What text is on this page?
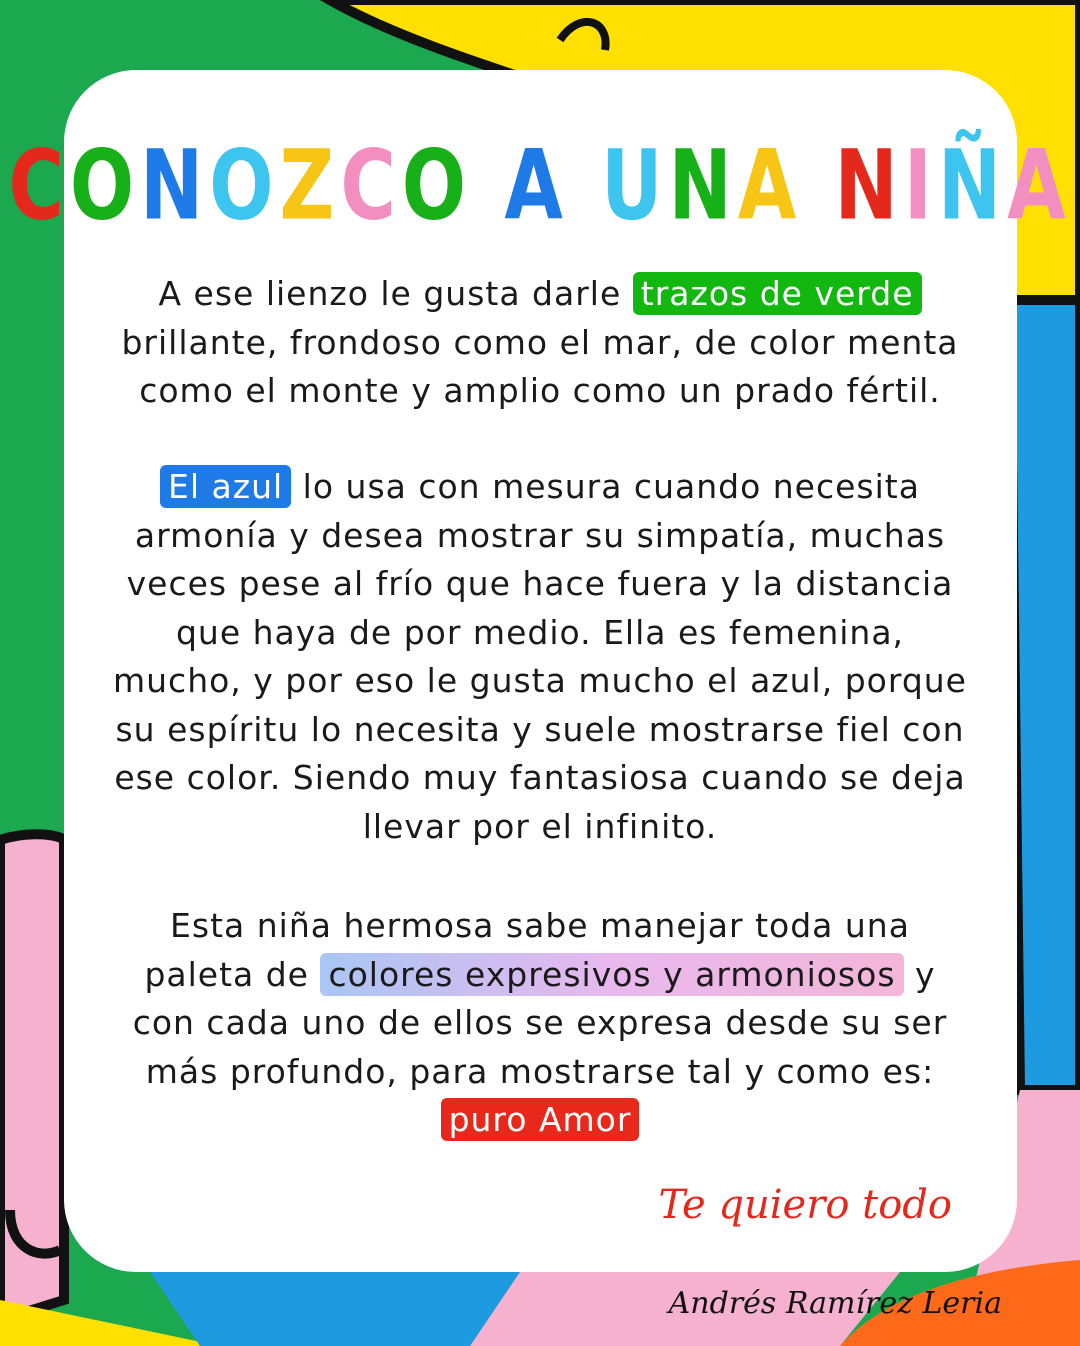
CONOZCO A UNA NIÑA
A ese lienzo le gusta darle trazos de verde brillante, frondoso como el mar, de color menta como el monte y amplio como un prado fértil.
El azul lo usa con mesura cuando necesita armonía y desea mostrar su simpatía, muchas veces pese al frío que hace fuera y la distancia que haya de por medio. Ella es femenina, mucho, y por eso le gusta mucho el azul, porque su espíritu lo necesita y suele mostrarse fiel con ese color. Siendo muy fantasiosa cuando se deja llevar por el infinito.
Esta niña hermosa sabe manejar toda una paleta de colores expresivos y armoniosos y con cada uno de ellos se expresa desde su ser más profundo, para mostrarse tal y como es:
puro Amor
Te quiero todo
Andrés Ramírez Leria
